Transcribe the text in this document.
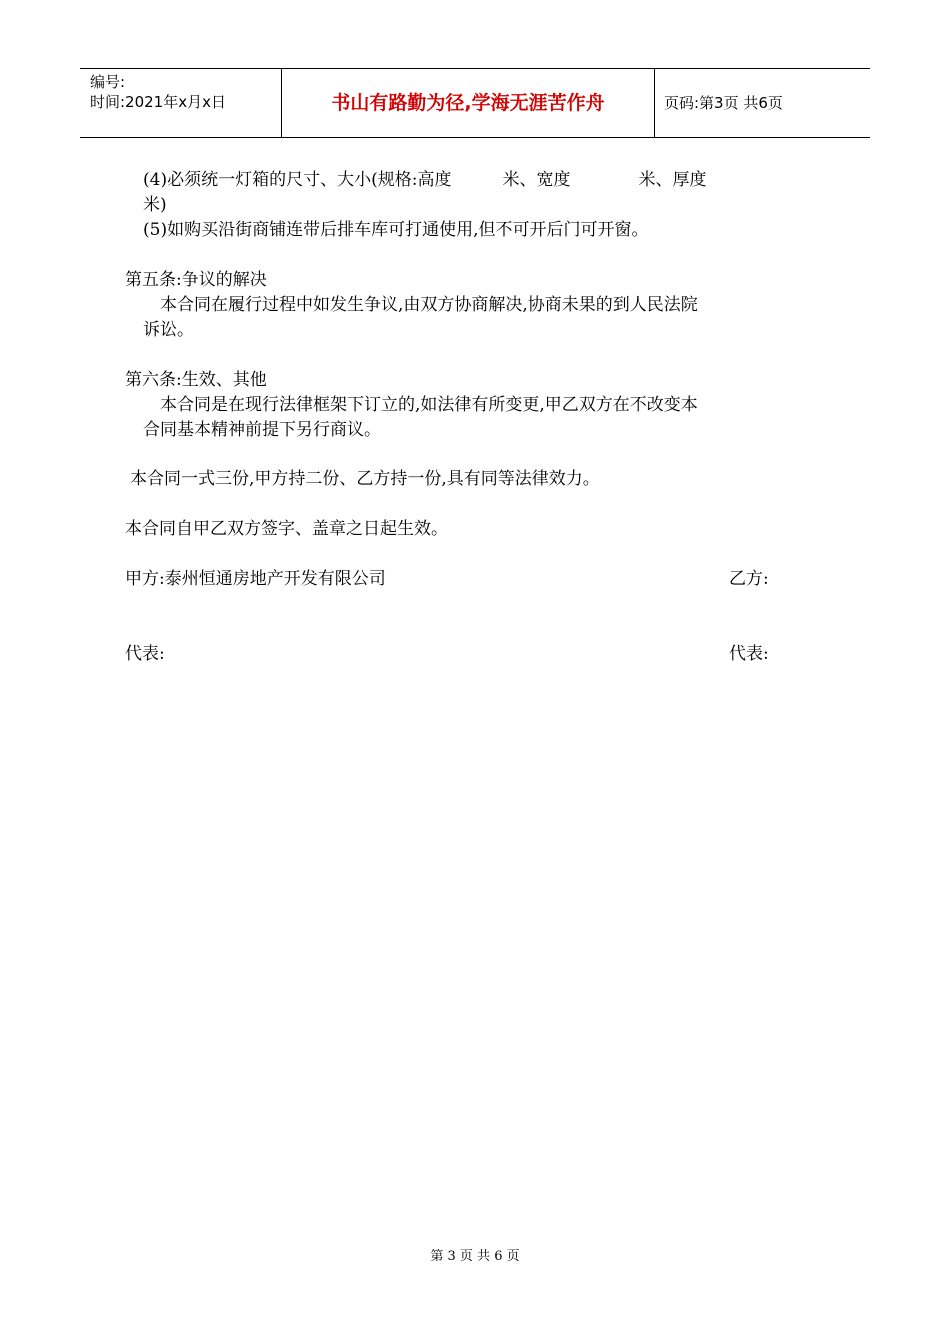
编号:
时间:2021年x月x日	书山有路勤为径,学海无涯苦作舟	页码:第3页 共6页
(4)必须统一灯箱的尺寸、大小(规格:高度　　　米、宽度　　　　米、厚度
米)
(5)如购买沿街商铺连带后排车库可打通使用,但不可开后门可开窗。
第五条:争议的解决
本合同在履行过程中如发生争议,由双方协商解决,协商未果的到人民法院
诉讼。
第六条:生效、其他
本合同是在现行法律框架下订立的,如法律有所变更,甲乙双方在不改变本
合同基本精神前提下另行商议。
本合同一式三份,甲方持二份、乙方持一份,具有同等法律效力。
本合同自甲乙双方签字、盖章之日起生效。
甲方:泰州恒通房地产开发有限公司	乙方:
代表:	代表:
第 3 页 共 6 页
